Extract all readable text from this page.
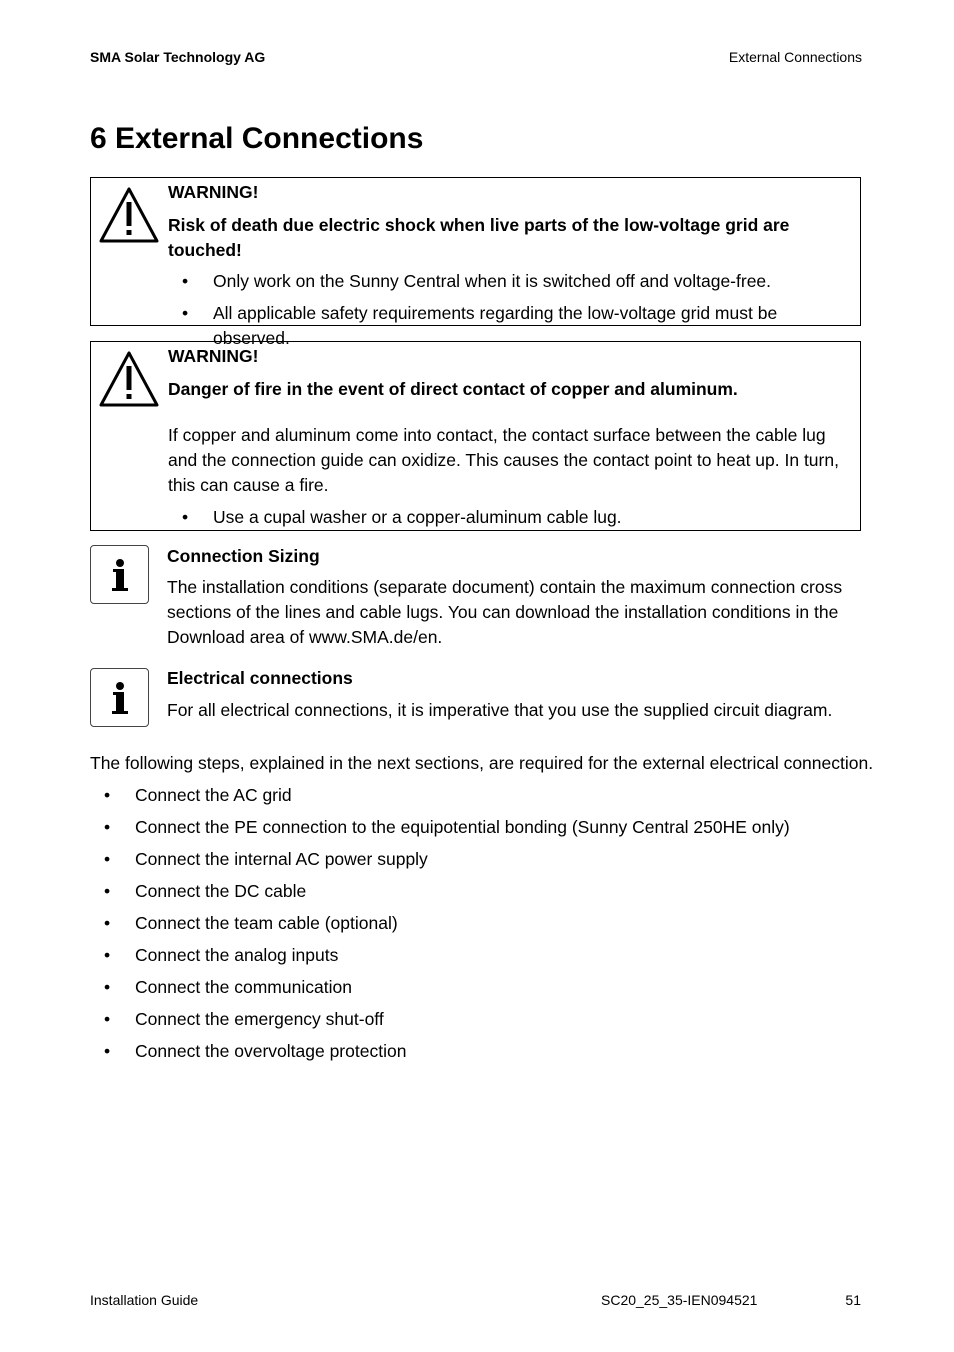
SMA Solar Technology AG	External Connections
6 External Connections
WARNING!
Risk of death due electric shock when live parts of the low-voltage grid are touched!
• Only work on the Sunny Central when it is switched off and voltage-free.
• All applicable safety requirements regarding the low-voltage grid must be observed.
WARNING!
Danger of fire in the event of direct contact of copper and aluminum.
If copper and aluminum come into contact, the contact surface between the cable lug and the connection guide can oxidize. This causes the contact point to heat up. In turn, this can cause a fire.
• Use a cupal washer or a copper-aluminum cable lug.
Connection Sizing
The installation conditions (separate document) contain the maximum connection cross sections of the lines and cable lugs. You can download the installation conditions in the Download area of www.SMA.de/en.
Electrical connections
For all electrical connections, it is imperative that you use the supplied circuit diagram.
The following steps, explained in the next sections, are required for the external electrical connection.
• Connect the AC grid
• Connect the PE connection to the equipotential bonding (Sunny Central 250HE only)
• Connect the internal AC power supply
• Connect the DC cable
• Connect the team cable (optional)
• Connect the analog inputs
• Connect the communication
• Connect the emergency shut-off
• Connect the overvoltage protection
Installation Guide	SC20_25_35-IEN094521	51
